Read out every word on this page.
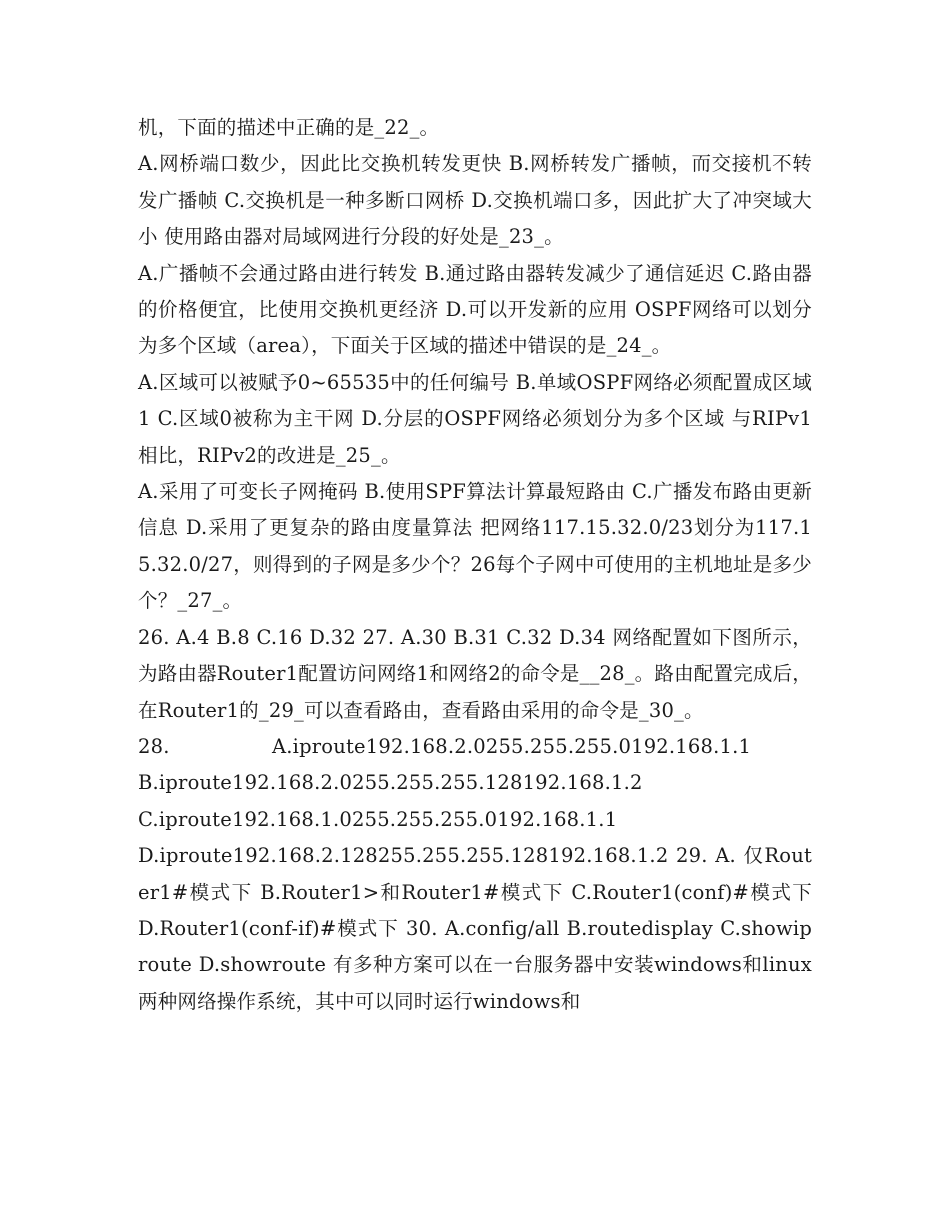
机，下面的描述中正确的是_22_。

A.网桥端口数少，因此比交换机转发更快 B.网桥转发广播帧，而交接机不转发广播帧 C.交换机是一种多断口网桥 D.交换机端口多，因此扩大了冲突域大小 使用路由器对局域网进行分段的好处是_23_。

A.广播帧不会通过路由进行转发 B.通过路由器转发减少了通信延迟 C.路由器的价格便宜，比使用交换机更经济 D.可以开发新的应用 OSPF网络可以划分为多个区域（area），下面关于区域的描述中错误的是_24_。

A.区域可以被赋予0~65535中的任何编号 B.单域OSPF网络必须配置成区域1 C.区域0被称为主干网 D.分层的OSPF网络必须划分为多个区域 与RIPv1相比，RIPv2的改进是_25_。

A.采用了可变长子网掩码 B.使用SPF算法计算最短路由 C.广播发布路由更新信息 D.采用了更复杂的路由度量算法 把网络117.15.32.0/23划分为117.15.32.0/27，则得到的子网是多少个？26每个子网中可使用的主机地址是多少个？_27_。

26. A.4 B.8 C.16 D.32 27. A.30 B.31 C.32 D.34 网络配置如下图所示，为路由器Router1配置访问网络1和网络2的命令是__28_。路由配置完成后，在Router1的_29_可以查看路由，查看路由采用的命令是_30_。

28.                A.iproute192.168.2.0255.255.255.0192.168.1.1

B.iproute192.168.2.0255.255.255.128192.168.1.2

C.iproute192.168.1.0255.255.255.0192.168.1.1

D.iproute192.168.2.128255.255.255.128192.168.1.2 29. A. 仅Router1#模式下 B.Router1>和Router1#模式下 C.Router1(conf)#模式下 D.Router1(conf-if)#模式下 30. A.config/all B.routedisplay C.showiproute D.showroute 有多种方案可以在一台服务器中安装windows和linux两种网络操作系统，其中可以同时运行windows和
